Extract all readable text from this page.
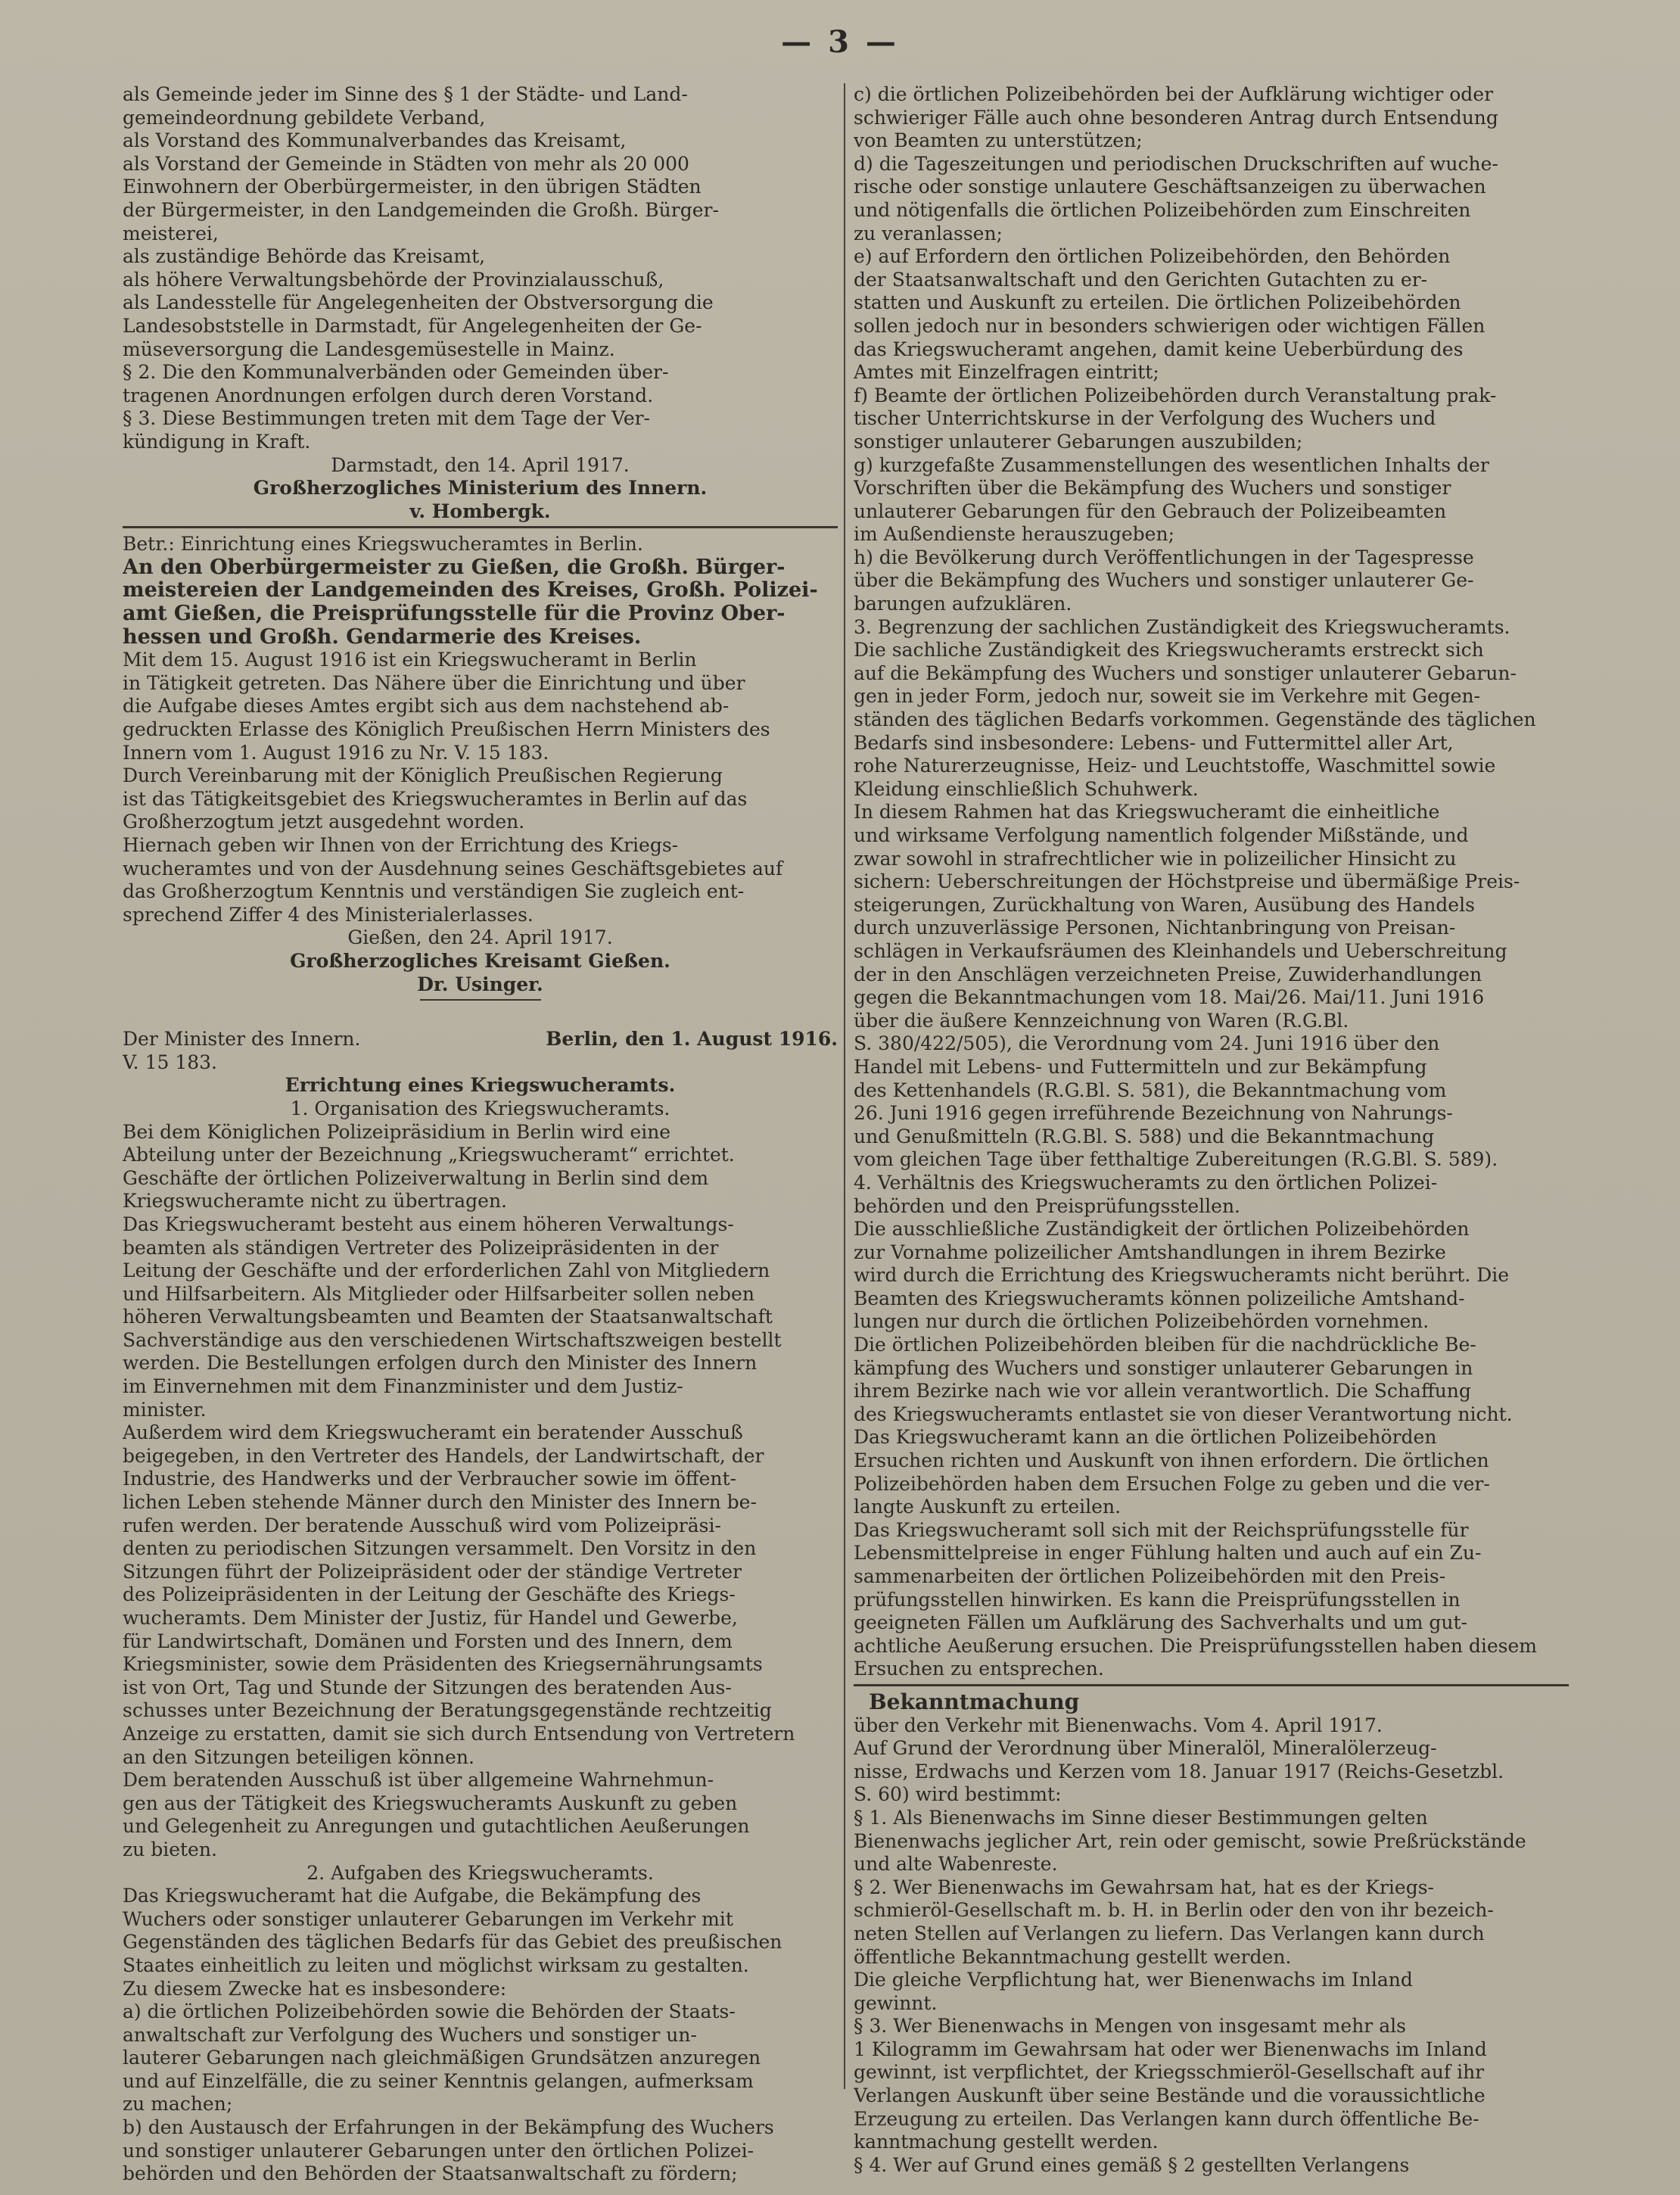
— 3 —
als Gemeinde jeder im Sinne des § 1 der Städte- und Land-
gemeindeordnung gebildete Verband,
als Vorstand des Kommunalverbandes das Kreisamt,
als Vorstand der Gemeinde in Städten von mehr als 20 000
Einwohnern der Oberbürgermeister, in den übrigen Städten
der Bürgermeister, in den Landgemeinden die Großh. Bürger-
meisterei,
als zuständige Behörde das Kreisamt,
als höhere Verwaltungsbehörde der Provinzialausschuß,
als Landesstelle für Angelegenheiten der Obstversorgung die
Landesobststelle in Darmstadt, für Angelegenheiten der Ge-
müseversorgung die Landesgemüsestelle in Mainz.
§ 2. Die den Kommunalverbänden oder Gemeinden über-
tragenen Anordnungen erfolgen durch deren Vorstand.
§ 3. Diese Bestimmungen treten mit dem Tage der Ver-
kündigung in Kraft.
Darmstadt, den 14. April 1917.
Großherzogliches Ministerium des Innern.
v. Hombergk.
Betr.: Einrichtung eines Kriegswucheramtes in Berlin.
An den Oberbürgermeister zu Gießen, die Großh. Bürger-
meistereien der Landgemeinden des Kreises, Großh. Polizei-
amt Gießen, die Preisprüfungsstelle für die Provinz Ober-
hessen und Großh. Gendarmerie des Kreises.
Mit dem 15. August 1916 ist ein Kriegswucheramt in Berlin
in Tätigkeit getreten. Das Nähere über die Einrichtung und über
die Aufgabe dieses Amtes ergibt sich aus dem nachstehend ab-
gedruckten Erlasse des Königlich Preußischen Herrn Ministers des
Innern vom 1. August 1916 zu Nr. V. 15 183.
Durch Vereinbarung mit der Königlich Preußischen Regierung
ist das Tätigkeitsgebiet des Kriegswucheramtes in Berlin auf das
Großherzogtum jetzt ausgedehnt worden.
Hiernach geben wir Ihnen von der Errichtung des Kriegs-
wucheramtes und von der Ausdehnung seines Geschäftsgebietes auf
das Großherzogtum Kenntnis und verständigen Sie zugleich ent-
sprechend Ziffer 4 des Ministerialerlasses.
Gießen, den 24. April 1917.
Großherzogliches Kreisamt Gießen.
Dr. Usinger.
Der Minister des Innern.	Berlin, den 1. August 1916.
V. 15 183.
Errichtung eines Kriegswucheramts.
1. Organisation des Kriegswucheramts.
Bei dem Königlichen Polizeipräsidium in Berlin wird eine
Abteilung unter der Bezeichnung „Kriegswucheramt“ errichtet.
Geschäfte der örtlichen Polizeiverwaltung in Berlin sind dem
Kriegswucheramte nicht zu übertragen.
Das Kriegswucheramt besteht aus einem höheren Verwaltungs-
beamten als ständigen Vertreter des Polizeipräsidenten in der
Leitung der Geschäfte und der erforderlichen Zahl von Mitgliedern
und Hilfsarbeitern. Als Mitglieder oder Hilfsarbeiter sollen neben
höheren Verwaltungsbeamten und Beamten der Staatsanwaltschaft
Sachverständige aus den verschiedenen Wirtschaftszweigen bestellt
werden. Die Bestellungen erfolgen durch den Minister des Innern
im Einvernehmen mit dem Finanzminister und dem Justiz-
minister.
Außerdem wird dem Kriegswucheramt ein beratender Ausschuß
beigegeben, in den Vertreter des Handels, der Landwirtschaft, der
Industrie, des Handwerks und der Verbraucher sowie im öffent-
lichen Leben stehende Männer durch den Minister des Innern be-
rufen werden. Der beratende Ausschuß wird vom Polizeipräsi-
denten zu periodischen Sitzungen versammelt. Den Vorsitz in den
Sitzungen führt der Polizeipräsident oder der ständige Vertreter
des Polizeipräsidenten in der Leitung der Geschäfte des Kriegs-
wucheramts. Dem Minister der Justiz, für Handel und Gewerbe,
für Landwirtschaft, Domänen und Forsten und des Innern, dem
Kriegsminister, sowie dem Präsidenten des Kriegsernährungsamts
ist von Ort, Tag und Stunde der Sitzungen des beratenden Aus-
schusses unter Bezeichnung der Beratungsgegenstände rechtzeitig
Anzeige zu erstatten, damit sie sich durch Entsendung von Vertretern
an den Sitzungen beteiligen können.
Dem beratenden Ausschuß ist über allgemeine Wahrnehmun-
gen aus der Tätigkeit des Kriegswucheramts Auskunft zu geben
und Gelegenheit zu Anregungen und gutachtlichen Aeußerungen
zu bieten.
2. Aufgaben des Kriegswucheramts.
Das Kriegswucheramt hat die Aufgabe, die Bekämpfung des
Wuchers oder sonstiger unlauterer Gebarungen im Verkehr mit
Gegenständen des täglichen Bedarfs für das Gebiet des preußischen
Staates einheitlich zu leiten und möglichst wirksam zu gestalten.
Zu diesem Zwecke hat es insbesondere:
a) die örtlichen Polizeibehörden sowie die Behörden der Staats-
anwaltschaft zur Verfolgung des Wuchers und sonstiger un-
lauterer Gebarungen nach gleichmäßigen Grundsätzen anzuregen
und auf Einzelfälle, die zu seiner Kenntnis gelangen, aufmerksam
zu machen;
b) den Austausch der Erfahrungen in der Bekämpfung des Wuchers
und sonstiger unlauterer Gebarungen unter den örtlichen Polizei-
behörden und den Behörden der Staatsanwaltschaft zu fördern;
c) die örtlichen Polizeibehörden bei der Aufklärung wichtiger oder
schwieriger Fälle auch ohne besonderen Antrag durch Entsendung
von Beamten zu unterstützen;
d) die Tageszeitungen und periodischen Druckschriften auf wuche-
rische oder sonstige unlautere Geschäftsanzeigen zu überwachen
und nötigenfalls die örtlichen Polizeibehörden zum Einschreiten
zu veranlassen;
e) auf Erfordern den örtlichen Polizeibehörden, den Behörden
der Staatsanwaltschaft und den Gerichten Gutachten zu er-
statten und Auskunft zu erteilen. Die örtlichen Polizeibehörden
sollen jedoch nur in besonders schwierigen oder wichtigen Fällen
das Kriegswucheramt angehen, damit keine Ueberbürdung des
Amtes mit Einzelfragen eintritt;
f) Beamte der örtlichen Polizeibehörden durch Veranstaltung prak-
tischer Unterrichtskurse in der Verfolgung des Wuchers und
sonstiger unlauterer Gebarungen auszubilden;
g) kurzgefaßte Zusammenstellungen des wesentlichen Inhalts der
Vorschriften über die Bekämpfung des Wuchers und sonstiger
unlauterer Gebarungen für den Gebrauch der Polizeibeamten
im Außendienste herauszugeben;
h) die Bevölkerung durch Veröffentlichungen in der Tagespresse
über die Bekämpfung des Wuchers und sonstiger unlauterer Ge-
barungen aufzuklären.
3. Begrenzung der sachlichen Zuständigkeit des Kriegswucheramts.
Die sachliche Zuständigkeit des Kriegswucheramts erstreckt sich
auf die Bekämpfung des Wuchers und sonstiger unlauterer Gebarun-
gen in jeder Form, jedoch nur, soweit sie im Verkehre mit Gegen-
ständen des täglichen Bedarfs vorkommen. Gegenstände des täglichen
Bedarfs sind insbesondere: Lebens- und Futtermittel aller Art,
rohe Naturerzeugnisse, Heiz- und Leuchtstoffe, Waschmittel sowie
Kleidung einschließlich Schuhwerk.
In diesem Rahmen hat das Kriegswucheramt die einheitliche
und wirksame Verfolgung namentlich folgender Mißstände, und
zwar sowohl in strafrechtlicher wie in polizeilicher Hinsicht zu
sichern: Ueberschreitungen der Höchstpreise und übermäßige Preis-
steigerungen, Zurückhaltung von Waren, Ausübung des Handels
durch unzuverlässige Personen, Nichtanbringung von Preisan-
schlägen in Verkaufsräumen des Kleinhandels und Ueberschreitung
der in den Anschlägen verzeichneten Preise, Zuwiderhandlungen
gegen die Bekanntmachungen vom 18. Mai/26. Mai/11. Juni 1916
über die äußere Kennzeichnung von Waren (R.G.Bl.
S. 380/422/505), die Verordnung vom 24. Juni 1916 über den
Handel mit Lebens- und Futtermitteln und zur Bekämpfung
des Kettenhandels (R.G.Bl. S. 581), die Bekanntmachung vom
26. Juni 1916 gegen irreführende Bezeichnung von Nahrungs-
und Genußmitteln (R.G.Bl. S. 588) und die Bekanntmachung
vom gleichen Tage über fetthaltige Zubereitungen (R.G.Bl. S. 589).
4. Verhältnis des Kriegswucheramts zu den örtlichen Polizei-
behörden und den Preisprüfungsstellen.
Die ausschließliche Zuständigkeit der örtlichen Polizeibehörden
zur Vornahme polizeilicher Amtshandlungen in ihrem Bezirke
wird durch die Errichtung des Kriegswucheramts nicht berührt. Die
Beamten des Kriegswucheramts können polizeiliche Amtshand-
lungen nur durch die örtlichen Polizeibehörden vornehmen.
Die örtlichen Polizeibehörden bleiben für die nachdrückliche Be-
kämpfung des Wuchers und sonstiger unlauterer Gebarungen in
ihrem Bezirke nach wie vor allein verantwortlich. Die Schaffung
des Kriegswucheramts entlastet sie von dieser Verantwortung nicht.
Das Kriegswucheramt kann an die örtlichen Polizeibehörden
Ersuchen richten und Auskunft von ihnen erfordern. Die örtlichen
Polizeibehörden haben dem Ersuchen Folge zu geben und die ver-
langte Auskunft zu erteilen.
Das Kriegswucheramt soll sich mit der Reichsprüfungsstelle für
Lebensmittelpreise in enger Fühlung halten und auch auf ein Zu-
sammenarbeiten der örtlichen Polizeibehörden mit den Preis-
prüfungsstellen hinwirken. Es kann die Preisprüfungsstellen in
geeigneten Fällen um Aufklärung des Sachverhalts und um gut-
achtliche Aeußerung ersuchen. Die Preisprüfungsstellen haben diesem
Ersuchen zu entsprechen.
Bekanntmachung
über den Verkehr mit Bienenwachs. Vom 4. April 1917.
Auf Grund der Verordnung über Mineralöl, Mineralölerzeug-
nisse, Erdwachs und Kerzen vom 18. Januar 1917 (Reichs-Gesetzbl.
S. 60) wird bestimmt:
§ 1. Als Bienenwachs im Sinne dieser Bestimmungen gelten
Bienenwachs jeglicher Art, rein oder gemischt, sowie Preßrückstände
und alte Wabenreste.
§ 2. Wer Bienenwachs im Gewahrsam hat, hat es der Kriegs-
schmieröl-Gesellschaft m. b. H. in Berlin oder den von ihr bezeich-
neten Stellen auf Verlangen zu liefern. Das Verlangen kann durch
öffentliche Bekanntmachung gestellt werden.
Die gleiche Verpflichtung hat, wer Bienenwachs im Inland
gewinnt.
§ 3. Wer Bienenwachs in Mengen von insgesamt mehr als
1 Kilogramm im Gewahrsam hat oder wer Bienenwachs im Inland
gewinnt, ist verpflichtet, der Kriegsschmieröl-Gesellschaft auf ihr
Verlangen Auskunft über seine Bestände und die voraussichtliche
Erzeugung zu erteilen. Das Verlangen kann durch öffentliche Be-
kanntmachung gestellt werden.
§ 4. Wer auf Grund eines gemäß § 2 gestellten Verlangens
